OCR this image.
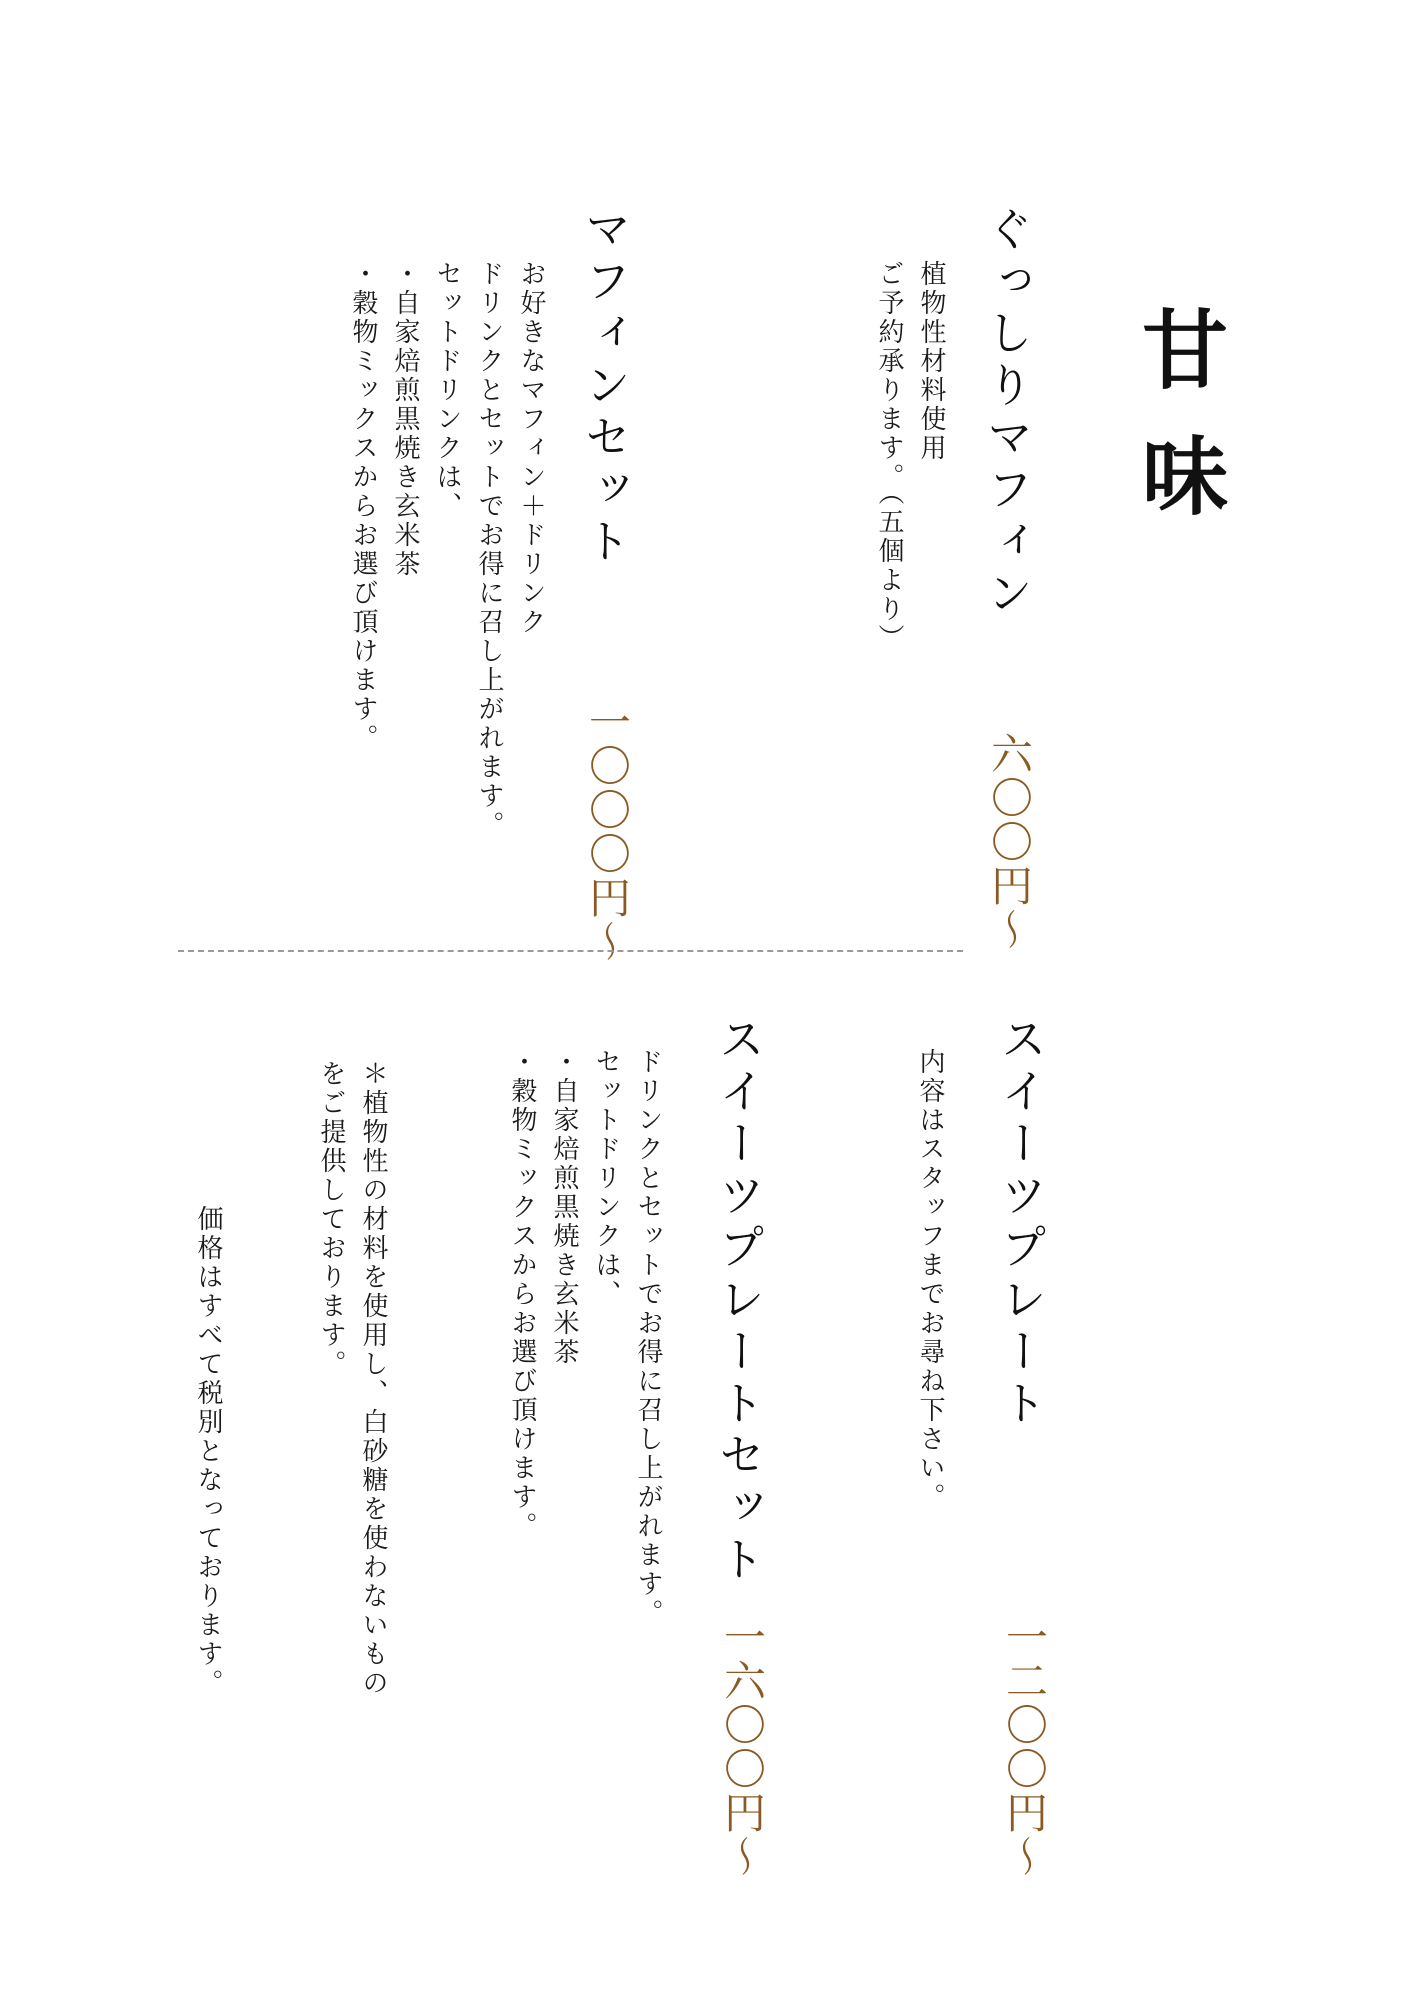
甘味
ぐっしりマフィン
六〇〇円～
植物性材料使用
ご予約承ります。（五個より）
マフィンセット
一〇〇〇円～
お好きなマフィン＋ドリンク
ドリンクとセットでお得に召し上がれます。
セットドリンクは、
・自家焙煎黒焼き玄米茶
・穀物ミックスからお選び頂けます。
スイーツプレート
一二〇〇円～
内容はスタッフまでお尋ね下さい。
スイーツプレートセット
一六〇〇円～
ドリンクとセットでお得に召し上がれます。
セットドリンクは、
・自家焙煎黒焼き玄米茶
・穀物ミックスからお選び頂けます。
＊植物性の材料を使用し、白砂糖を使わないもの
をご提供しております。
価格はすべて税別となっております。
